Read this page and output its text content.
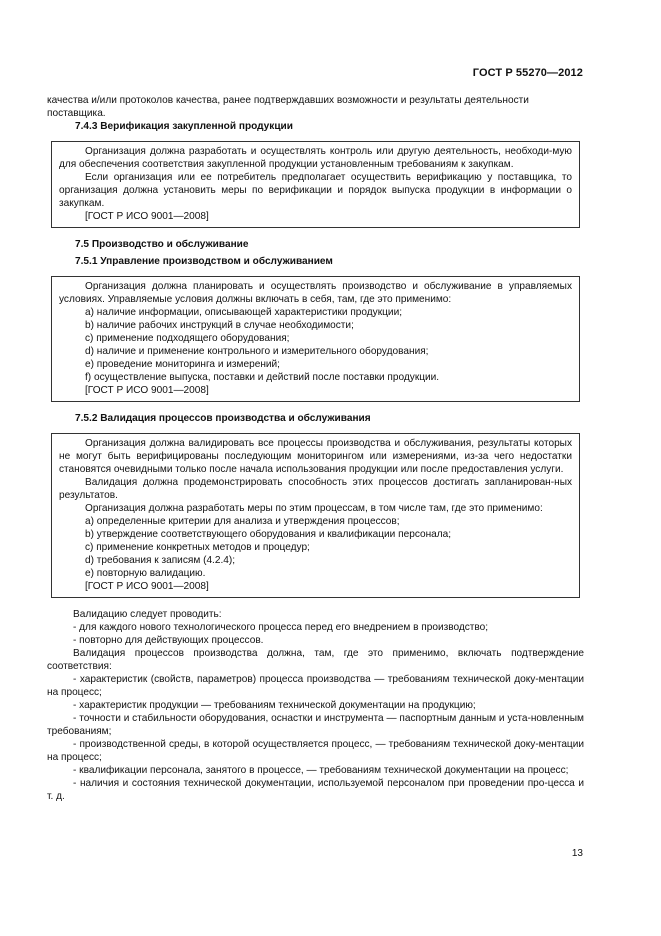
ГОСТ Р 55270—2012

качества и/или протоколов качества, ранее подтверждавших возможности и результаты деятельности

поставщика.

7.4.3 Верификация закупленной продукции

Организация должна разработать и осуществлять контроль или другую деятельность, необходи-мую для обеспечения соответствия закупленной продукции установленным требованиям к закупкам.

Если организация или ее потребитель предполагает осуществить верификацию у поставщика, то организация должна установить меры по верификации и порядок выпуска продукции в информации о закупкам.

[ГОСТ Р ИСО 9001—2008]

7.5 Производство и обслуживание

7.5.1 Управление производством и обслуживанием

Организация должна планировать и осуществлять производство и обслуживание в управляемых условиях. Управляемые условия должны включать в себя, там, где это применимо:

a) наличие информации, описывающей характеристики продукции;

b) наличие рабочих инструкций в случае необходимости;

c) применение подходящего оборудования;

d) наличие и применение контрольного и измерительного оборудования;

e) проведение мониторинга и измерений;

f) осуществление выпуска, поставки и действий после поставки продукции.

[ГОСТ Р ИСО 9001—2008]

7.5.2 Валидация процессов производства и обслуживания

Организация должна валидировать все процессы производства и обслуживания, результаты которых не могут быть верифицированы последующим мониторингом или измерениями, из-за чего недостатки становятся очевидными только после начала использования продукции или после предоставления услуги.

Валидация должна продемонстрировать способность этих процессов достигать запланирован-ных результатов.

Организация должна разработать меры по этим процессам, в том числе там, где это применимо:

a) определенные критерии для анализа и утверждения процессов;

b) утверждение соответствующего оборудования и квалификации персонала;

c) применение конкретных методов и процедур;

d) требования к записям (4.2.4);

e) повторную валидацию.

[ГОСТ Р ИСО 9001—2008]

Валидацию следует проводить:

- для каждого нового технологического процесса перед его внедрением в производство;

- повторно для действующих процессов.

Валидация процессов производства должна, там, где это применимо, включать подтверждение соответствия:

- характеристик (свойств, параметров) процесса производства — требованиям технической доку-ментации на процесс;

- характеристик продукции — требованиям технической документации на продукцию;

- точности и стабильности оборудования, оснастки и инструмента — паспортным данным и уста-новленным требованиям;

- производственной среды, в которой осуществляется процесс, — требованиям технической доку-ментации на процесс;

- квалификации персонала, занятого в процессе, — требованиям технической документации на процесс;

- наличия и состояния технической документации, используемой персоналом при проведении про-цесса и т. д.

13
